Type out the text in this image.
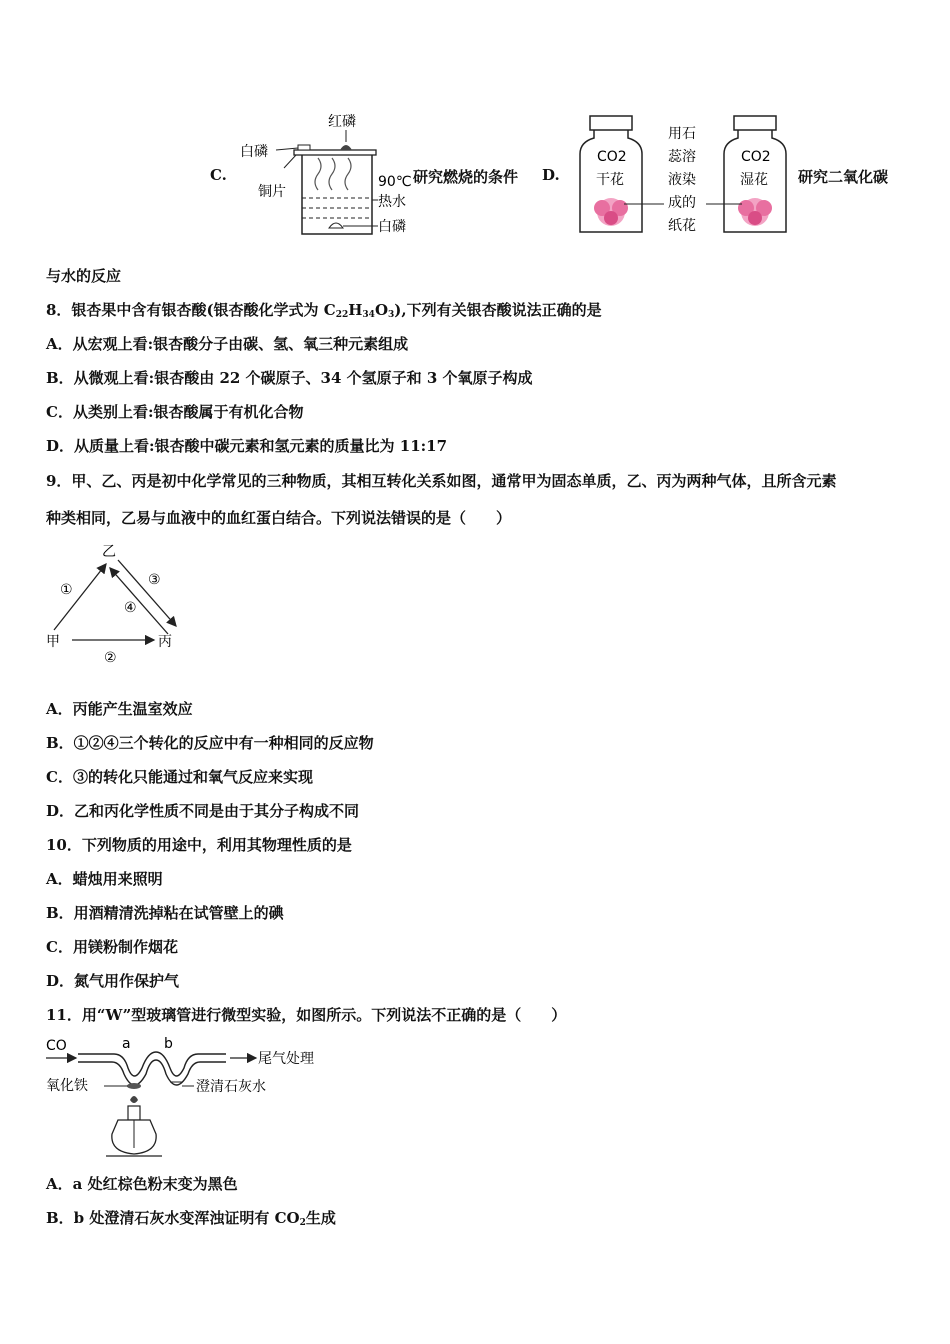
C.
红磷
白磷
铜片
90℃
热水
白磷
研究燃烧的条件 D.
CO2
干花
CO2
湿花
用石
蕊溶
液染
成的
纸花
研究二氧化碳
与水的反应
8．银杏果中含有银杏酸(银杏酸化学式为 $C_{22}H_{34}O_3$),下列有关银杏酸说法正确的是
A．从宏观上看:银杏酸分子由碳、氢、氧三种元素组成
B．从微观上看:银杏酸由 22 个碳原子、34 个氢原子和 3 个氧原子构成
C．从类别上看:银杏酸属于有机化合物
D．从质量上看:银杏酸中碳元素和氢元素的质量比为 11:17
9．甲、乙、丙是初中化学常见的三种物质，其相互转化关系如图，通常甲为固态单质，乙、丙为两种气体，且所含元素
种类相同，乙易与血液中的血红蛋白结合。下列说法错误的是（　　）
乙
甲	丙
①
②
③
④
A．丙能产生温室效应
B．①②④三个转化的反应中有一种相同的反应物
C．③的转化只能通过和氧气反应来实现
D．乙和丙化学性质不同是由于其分子构成不同
10．下列物质的用途中，利用其物理性质的是
A．蜡烛用来照明
B．用酒精清洗掉粘在试管壁上的碘
C．用镁粉制作烟花
D．氮气用作保护气
11．用“W”型玻璃管进行微型实验，如图所示。下列说法不正确的是（　　）
CO	a b
尾气处理
氧化铁	澄清石灰水
A．a 处红棕色粉末变为黑色
B．b 处澄清石灰水变浑浊证明有 $CO_2$生成
